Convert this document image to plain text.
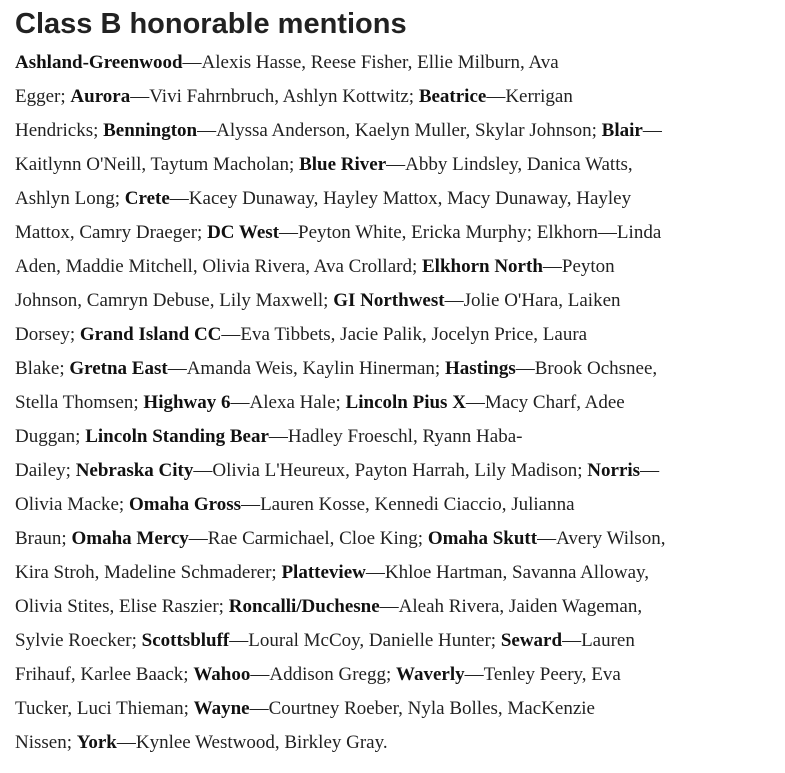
Class B honorable mentions

Ashland-Greenwood—Alexis Hasse, Reese Fisher, Ellie Milburn, Ava
Egger; Aurora—Vivi Fahrnbruch, Ashlyn Kottwitz; Beatrice—Kerrigan
Hendricks; Bennington—Alyssa Anderson, Kaelyn Muller, Skylar Johnson; Blair—
Kaitlynn O'Neill, Taytum Macholan; Blue River—Abby Lindsley, Danica Watts,
Ashlyn Long; Crete—Kacey Dunaway, Hayley Mattox, Macy Dunaway, Hayley
Mattox, Camry Draeger; DC West—Peyton White, Ericka Murphy; Elkhorn—Linda
Aden, Maddie Mitchell, Olivia Rivera, Ava Crollard; Elkhorn North—Peyton
Johnson, Camryn Debuse, Lily Maxwell; GI Northwest—Jolie O'Hara, Laiken
Dorsey; Grand Island CC—Eva Tibbets, Jacie Palik, Jocelyn Price, Laura
Blake; Gretna East—Amanda Weis, Kaylin Hinerman; Hastings—Brook Ochsnee,
Stella Thomsen; Highway 6—Alexa Hale; Lincoln Pius X—Macy Charf, Adee
Duggan; Lincoln Standing Bear—Hadley Froeschl, Ryann Haba-
Dailey; Nebraska City—Olivia L'Heureux, Payton Harrah, Lily Madison; Norris—
Olivia Macke; Omaha Gross—Lauren Kosse, Kennedi Ciaccio, Julianna
Braun; Omaha Mercy—Rae Carmichael, Cloe King; Omaha Skutt—Avery Wilson,
Kira Stroh, Madeline Schmaderer; Platteview—Khloe Hartman, Savanna Alloway,
Olivia Stites, Elise Raszier; Roncalli/Duchesne—Aleah Rivera, Jaiden Wageman,
Sylvie Roecker; Scottsbluff—Loural McCoy, Danielle Hunter; Seward—Lauren
Frihauf, Karlee Baack; Wahoo—Addison Gregg; Waverly—Tenley Peery, Eva
Tucker, Luci Thieman; Wayne—Courtney Roeber, Nyla Bolles, MacKenzie
Nissen; York—Kynlee Westwood, Birkley Gray.
